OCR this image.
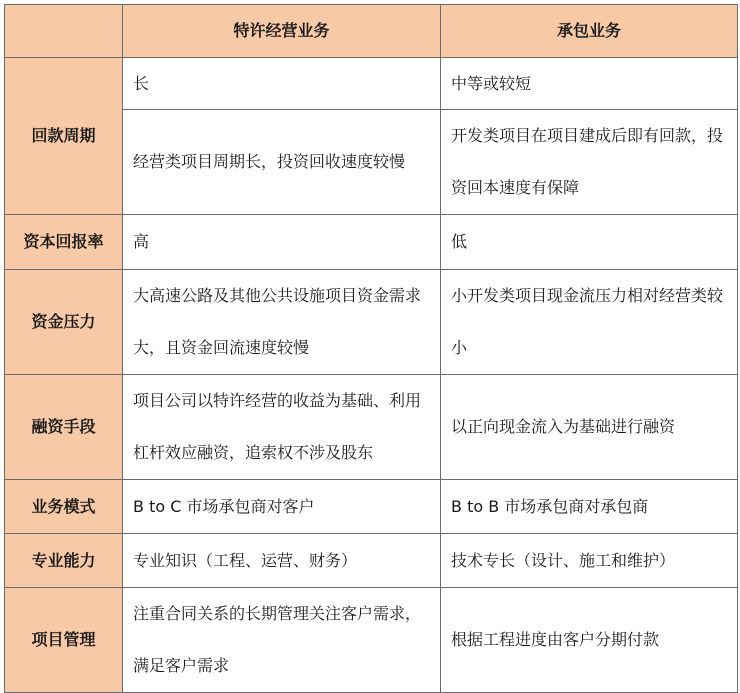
	特许经营业务	承包业务
回款周期	长	中等或较短

	经营类项目周期长，投资回收速度较慢	开发类项目在项目建成后即有回款，投资回本速度有保障

资本回报率	高	低
资金压力	大高速公路及其他公共设施项目资金需求大，且资金回流速度较慢	小开发类项目现金流压力相对经营类较小

融资手段	项目公司以特许经营的收益为基础、利用杠杆效应融资，追索权不涉及股东	以正向现金流入为基础进行融资
业务模式	B to C 市场承包商对客户	B to B 市场承包商对承包商
专业能力	专业知识（工程、运营、财务）	技术专长（设计、施工和维护）
项目管理	注重合同关系的长期管理关注客户需求，满足客户需求	根据工程进度由客户分期付款
